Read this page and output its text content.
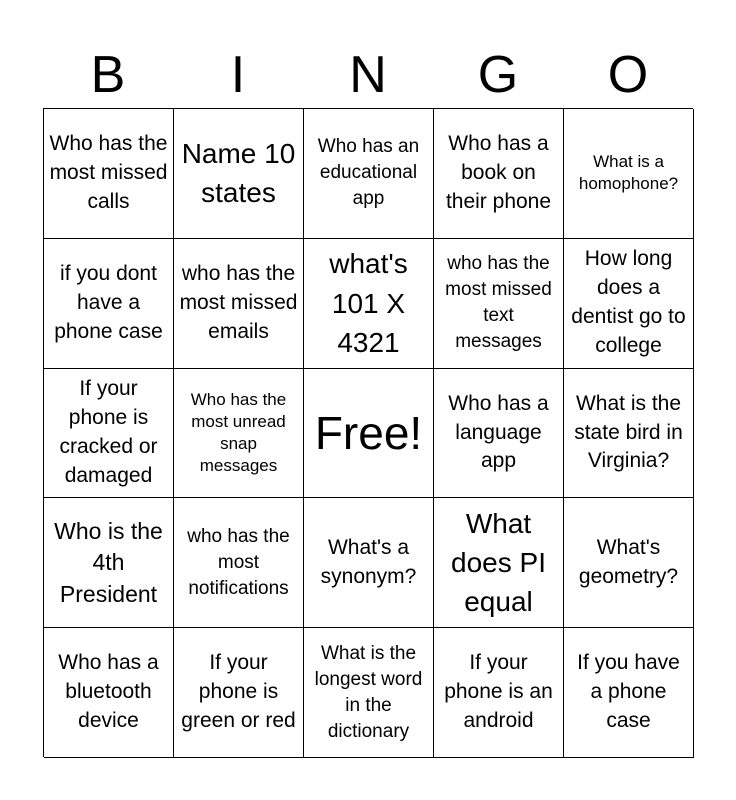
B	I	N	G	O
Who has the most missed calls
Name 10 states
Who has an educational app
Who has a book on their phone
What is a homophone?
if you dont have a phone case
who has the most missed emails
what's 101 X 4321
who has the most missed text messages
How long does a dentist go to college
If your phone is cracked or damaged
Who has the most unread snap messages
Free!
Who has a language app
What is the state bird in Virginia?
Who is the 4th President
who has the most notifications
What's a synonym?
What does PI equal
What's geometry?
Who has a bluetooth device
If your phone is green or red
What is the longest word in the dictionary
If your phone is an android
If you have a phone case
